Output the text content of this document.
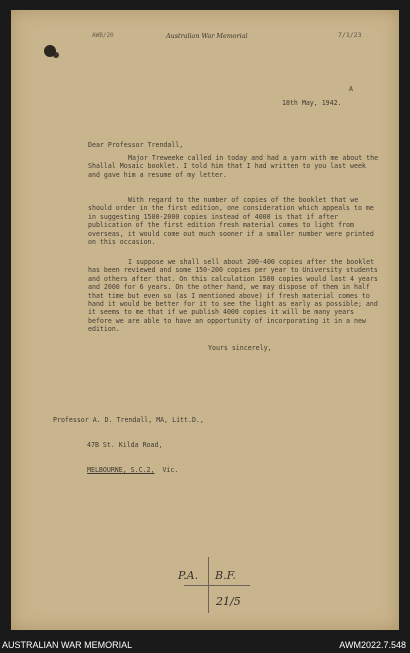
AWB/20	Australian War Memorial	7/1/23
A
18th May, 1942.
Dear Professor Trendall,
Major Treweeke called in today and had a yarn with me about the Shallal Mosaic booklet. I told him that I had written to you last week and gave him a resume of my letter.
With regard to the number of copies of the booklet that we should order in the first edition, one consideration which appeals to me in suggesting 1500-2000 copies instead of 4000 is that if after publication of the first edition fresh material comes to light from overseas, it would come out much sooner if a smaller number were printed on this occasion.
I suppose we shall sell about 200-400 copies after the booklet has been reviewed and some 150-200 copies per year to University students and others after that. On this calculation 1500 copies would last 4 years and 2000 for 6 years. On the other hand, we may dispose of them in half that time but even so (as I mentioned above) if fresh material comes to hand it would be better for it to see the light as early as possible; and it seems to me that if we publish 4000 copies it will be many years before we are able to have an opportunity of incorporating it in a new edition.
Yours sincerely,

Professor A. D. Trendall, MA, Litt.D.,

47B St. Kilda Road,

MELBOURNE, S.C.2, Vic.

P.A. B.F.
21/5
AUSTRALIAN WAR MEMORIAL	AWM2022.7.548
